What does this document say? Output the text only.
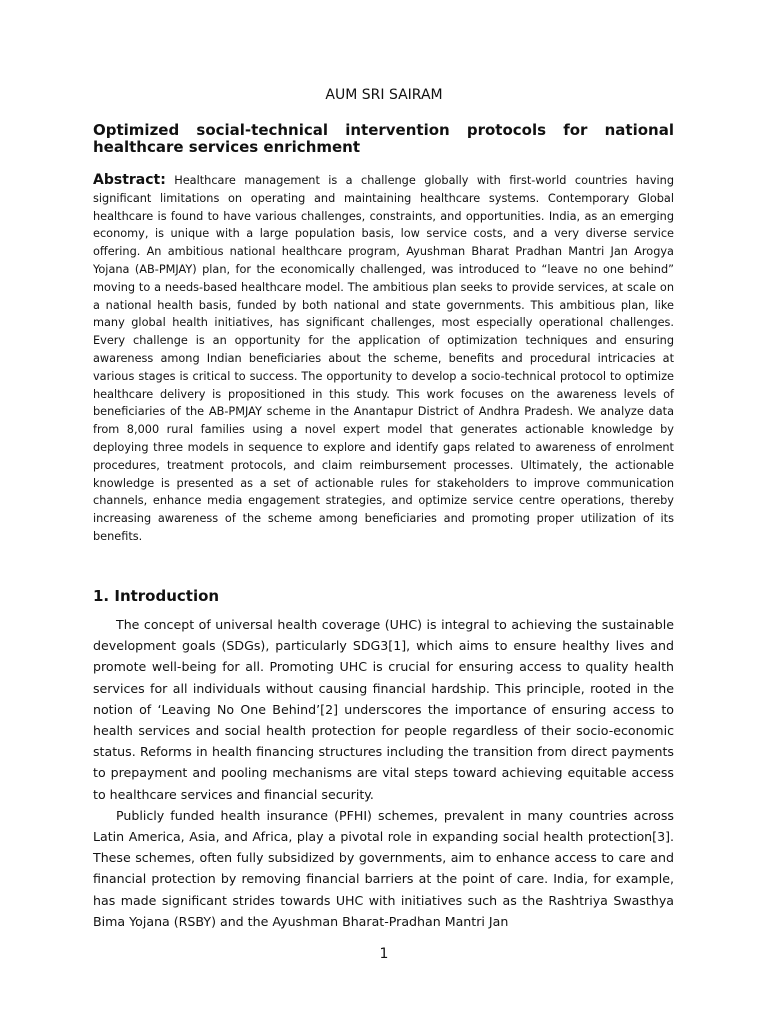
AUM SRI SAIRAM
Optimized social-technical intervention protocols for national healthcare services enrichment

Abstract: Healthcare management is a challenge globally with first-world countries having significant limitations on operating and maintaining healthcare systems. Contemporary Global healthcare is found to have various challenges, constraints, and opportunities. India, as an emerging economy, is unique with a large population basis, low service costs, and a very diverse service offering. An ambitious national healthcare program, Ayushman Bharat Pradhan Mantri Jan Arogya Yojana (AB-PMJAY) plan, for the economically challenged, was introduced to “leave no one behind” moving to a needs-based healthcare model. The ambitious plan seeks to provide services, at scale on a national health basis, funded by both national and state governments. This ambitious plan, like many global health initiatives, has significant challenges, most especially operational challenges. Every challenge is an opportunity for the application of optimization techniques and ensuring awareness among Indian beneficiaries about the scheme, benefits and procedural intricacies at various stages is critical to success. The opportunity to develop a socio-technical protocol to optimize healthcare delivery is propositioned in this study. This work focuses on the awareness levels of beneficiaries of the AB-PMJAY scheme in the Anantapur District of Andhra Pradesh. We analyze data from 8,000 rural families using a novel expert model that generates actionable knowledge by deploying three models in sequence to explore and identify gaps related to awareness of enrolment procedures, treatment protocols, and claim reimbursement processes. Ultimately, the actionable knowledge is presented as a set of actionable rules for stakeholders to improve communication channels, enhance media engagement strategies, and optimize service centre operations, thereby increasing awareness of the scheme among beneficiaries and promoting proper utilization of its benefits.

1. Introduction

The concept of universal health coverage (UHC) is integral to achieving the sustainable development goals (SDGs), particularly SDG3[1], which aims to ensure healthy lives and promote well-being for all. Promoting UHC is crucial for ensuring access to quality health services for all individuals without causing financial hardship. This principle, rooted in the notion of ‘Leaving No One Behind’[2] underscores the importance of ensuring access to health services and social health protection for people regardless of their socio-economic status. Reforms in health financing structures including the transition from direct payments to prepayment and pooling mechanisms are vital steps toward achieving equitable access to healthcare services and financial security.

Publicly funded health insurance (PFHI) schemes, prevalent in many countries across Latin America, Asia, and Africa, play a pivotal role in expanding social health protection[3]. These schemes, often fully subsidized by governments, aim to enhance access to care and financial protection by removing financial barriers at the point of care. India, for example, has made significant strides towards UHC with initiatives such as the Rashtriya Swasthya Bima Yojana (RSBY) and the Ayushman Bharat-Pradhan Mantri Jan

1
